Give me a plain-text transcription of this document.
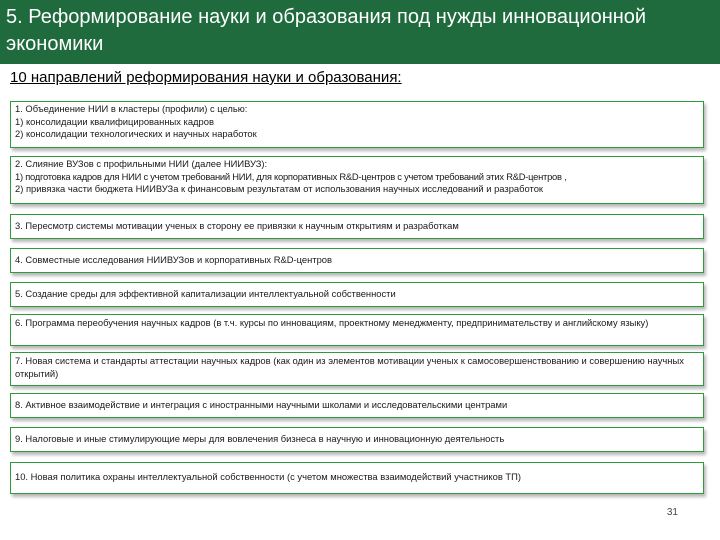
5. Реформирование науки и образования под нужды инновационной экономики
10 направлений реформирования науки и образования:
1. Объединение НИИ в кластеры (профили) с целью:
1) консолидации квалифицированных кадров
2) консолидации технологических и научных наработок
2. Слияние ВУЗов с профильными НИИ (далее НИИВУЗ):
1) подготовка кадров для НИИ с учетом требований НИИ, для корпоративных R&D-центров с учетом требований этих R&D-центров ,
2) привязка части бюджета НИИВУЗа к финансовым результатам от использования научных исследований и разработок
3. Пересмотр системы мотивации ученых в сторону ее привязки к научным открытиям и разработкам
4. Совместные исследования НИИВУЗов и корпоративных R&D-центров
5. Создание среды для эффективной капитализации интеллектуальной собственности
6. Программа переобучения научных кадров (в т.ч. курсы по инновациям, проектному менеджменту, предпринимательству и английскому языку)
7. Новая система и стандарты аттестации научных кадров (как один из элементов мотивации ученых к самосовершенствованию и совершению научных открытий)
8. Активное взаимодействие и интеграция с иностранными научными школами и исследовательскими центрами
9. Налоговые и иные стимулирующие меры для вовлечения бизнеса в научную и инновационную деятельность
10. Новая политика охраны интеллектуальной собственности (с учетом множества взаимодействий участников ТП)
31
